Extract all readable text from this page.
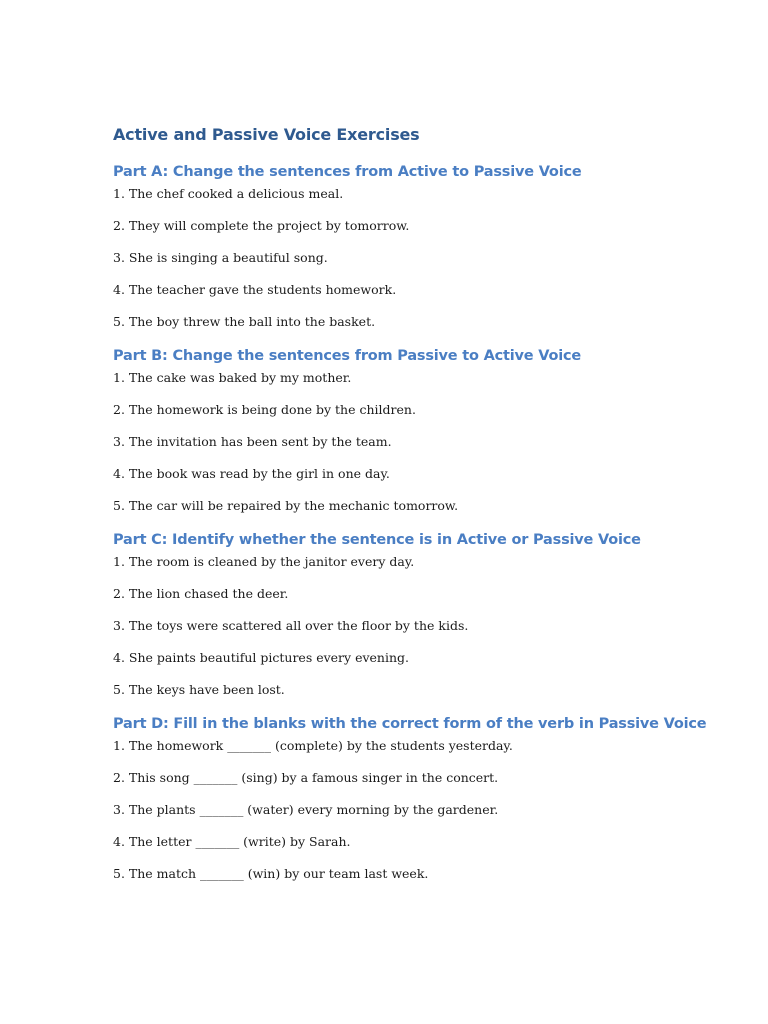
Active and Passive Voice Exercises
Part A: Change the sentences from Active to Passive Voice

1. The chef cooked a delicious meal.

2. They will complete the project by tomorrow.

3. She is singing a beautiful song.

4. The teacher gave the students homework.

5. The boy threw the ball into the basket.

Part B: Change the sentences from Passive to Active Voice

1. The cake was baked by my mother.

2. The homework is being done by the children.

3. The invitation has been sent by the team.

4. The book was read by the girl in one day.

5. The car will be repaired by the mechanic tomorrow.

Part C: Identify whether the sentence is in Active or Passive Voice

1. The room is cleaned by the janitor every day.

2. The lion chased the deer.

3. The toys were scattered all over the floor by the kids.

4. She paints beautiful pictures every evening.

5. The keys have been lost.

Part D: Fill in the blanks with the correct form of the verb in Passive Voice

1. The homework _______ (complete) by the students yesterday.

2. This song _______ (sing) by a famous singer in the concert.

3. The plants _______ (water) every morning by the gardener.

4. The letter _______ (write) by Sarah.

5. The match _______ (win) by our team last week.
